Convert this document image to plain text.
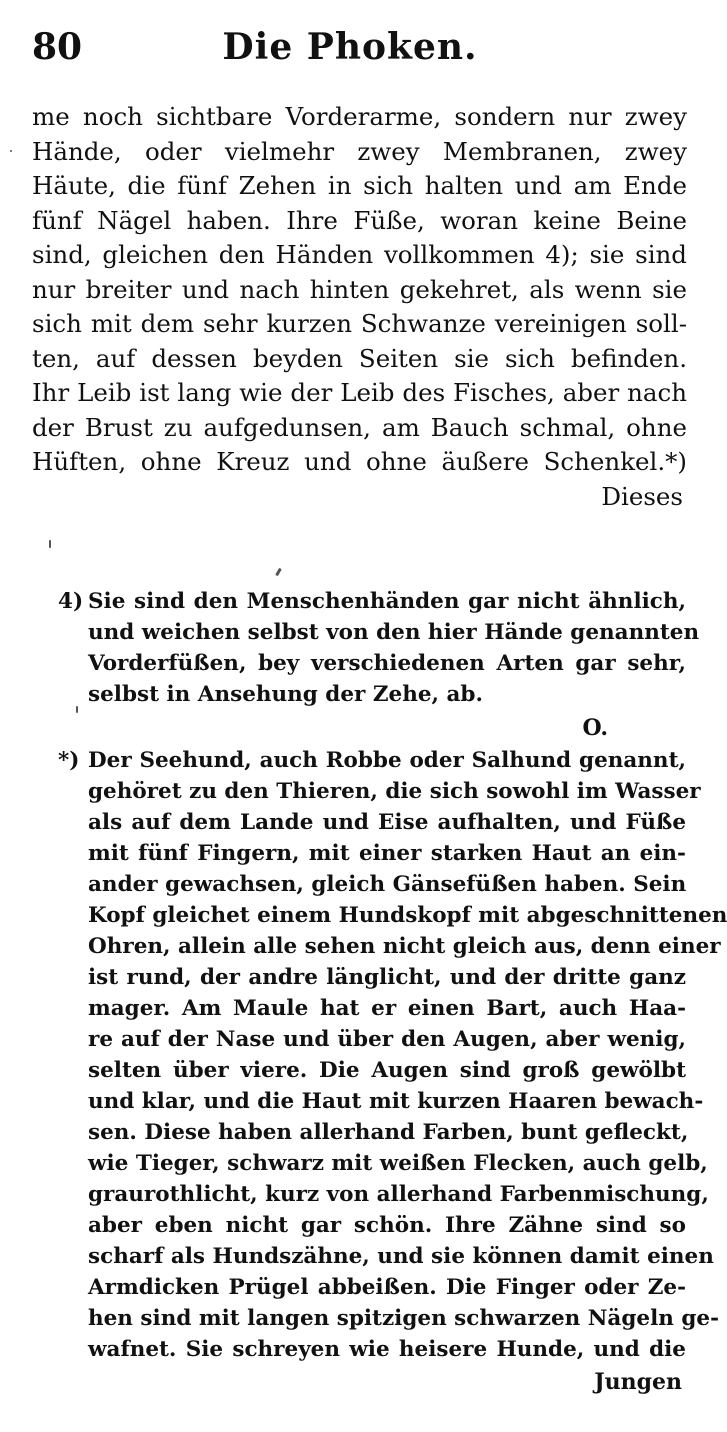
80	Die Phoken.
me noch sichtbare Vorderarme, sondern nur zwey
Hände, oder vielmehr zwey Membranen, zwey
Häute, die fünf Zehen in sich halten und am Ende
fünf Nägel haben. Ihre Füße, woran keine Beine
sind, gleichen den Händen vollkommen 4); sie sind
nur breiter und nach hinten gekehret, als wenn sie
sich mit dem sehr kurzen Schwanze vereinigen soll-
ten, auf dessen beyden Seiten sie sich befinden.
Ihr Leib ist lang wie der Leib des Fisches, aber nach
der Brust zu aufgedunsen, am Bauch schmal, ohne
Hüften, ohne Kreuz und ohne äußere Schenkel.*)
Dieses
4) Sie sind den Menschenhänden gar nicht ähnlich,
und weichen selbst von den hier Hände genannten
Vorderfüßen, bey verschiedenen Arten gar sehr,
selbst in Ansehung der Zehe, ab.
O.
*) Der Seehund, auch Robbe oder Salhund genannt,
gehöret zu den Thieren, die sich sowohl im Wasser
als auf dem Lande und Eise aufhalten, und Füße
mit fünf Fingern, mit einer starken Haut an ein-
ander gewachsen, gleich Gänsefüßen haben. Sein
Kopf gleichet einem Hundskopf mit abgeschnittenen
Ohren, allein alle sehen nicht gleich aus, denn einer
ist rund, der andre länglicht, und der dritte ganz
mager. Am Maule hat er einen Bart, auch Haa-
re auf der Nase und über den Augen, aber wenig,
selten über viere. Die Augen sind groß gewölbt
und klar, und die Haut mit kurzen Haaren bewach-
sen. Diese haben allerhand Farben, bunt gefleckt,
wie Tieger, schwarz mit weißen Flecken, auch gelb,
graurothlicht, kurz von allerhand Farbenmischung,
aber eben nicht gar schön. Ihre Zähne sind so
scharf als Hundszähne, und sie können damit einen
Armdicken Prügel abbeißen. Die Finger oder Ze-
hen sind mit langen spitzigen schwarzen Nägeln ge-
wafnet. Sie schreyen wie heisere Hunde, und die
Jungen
